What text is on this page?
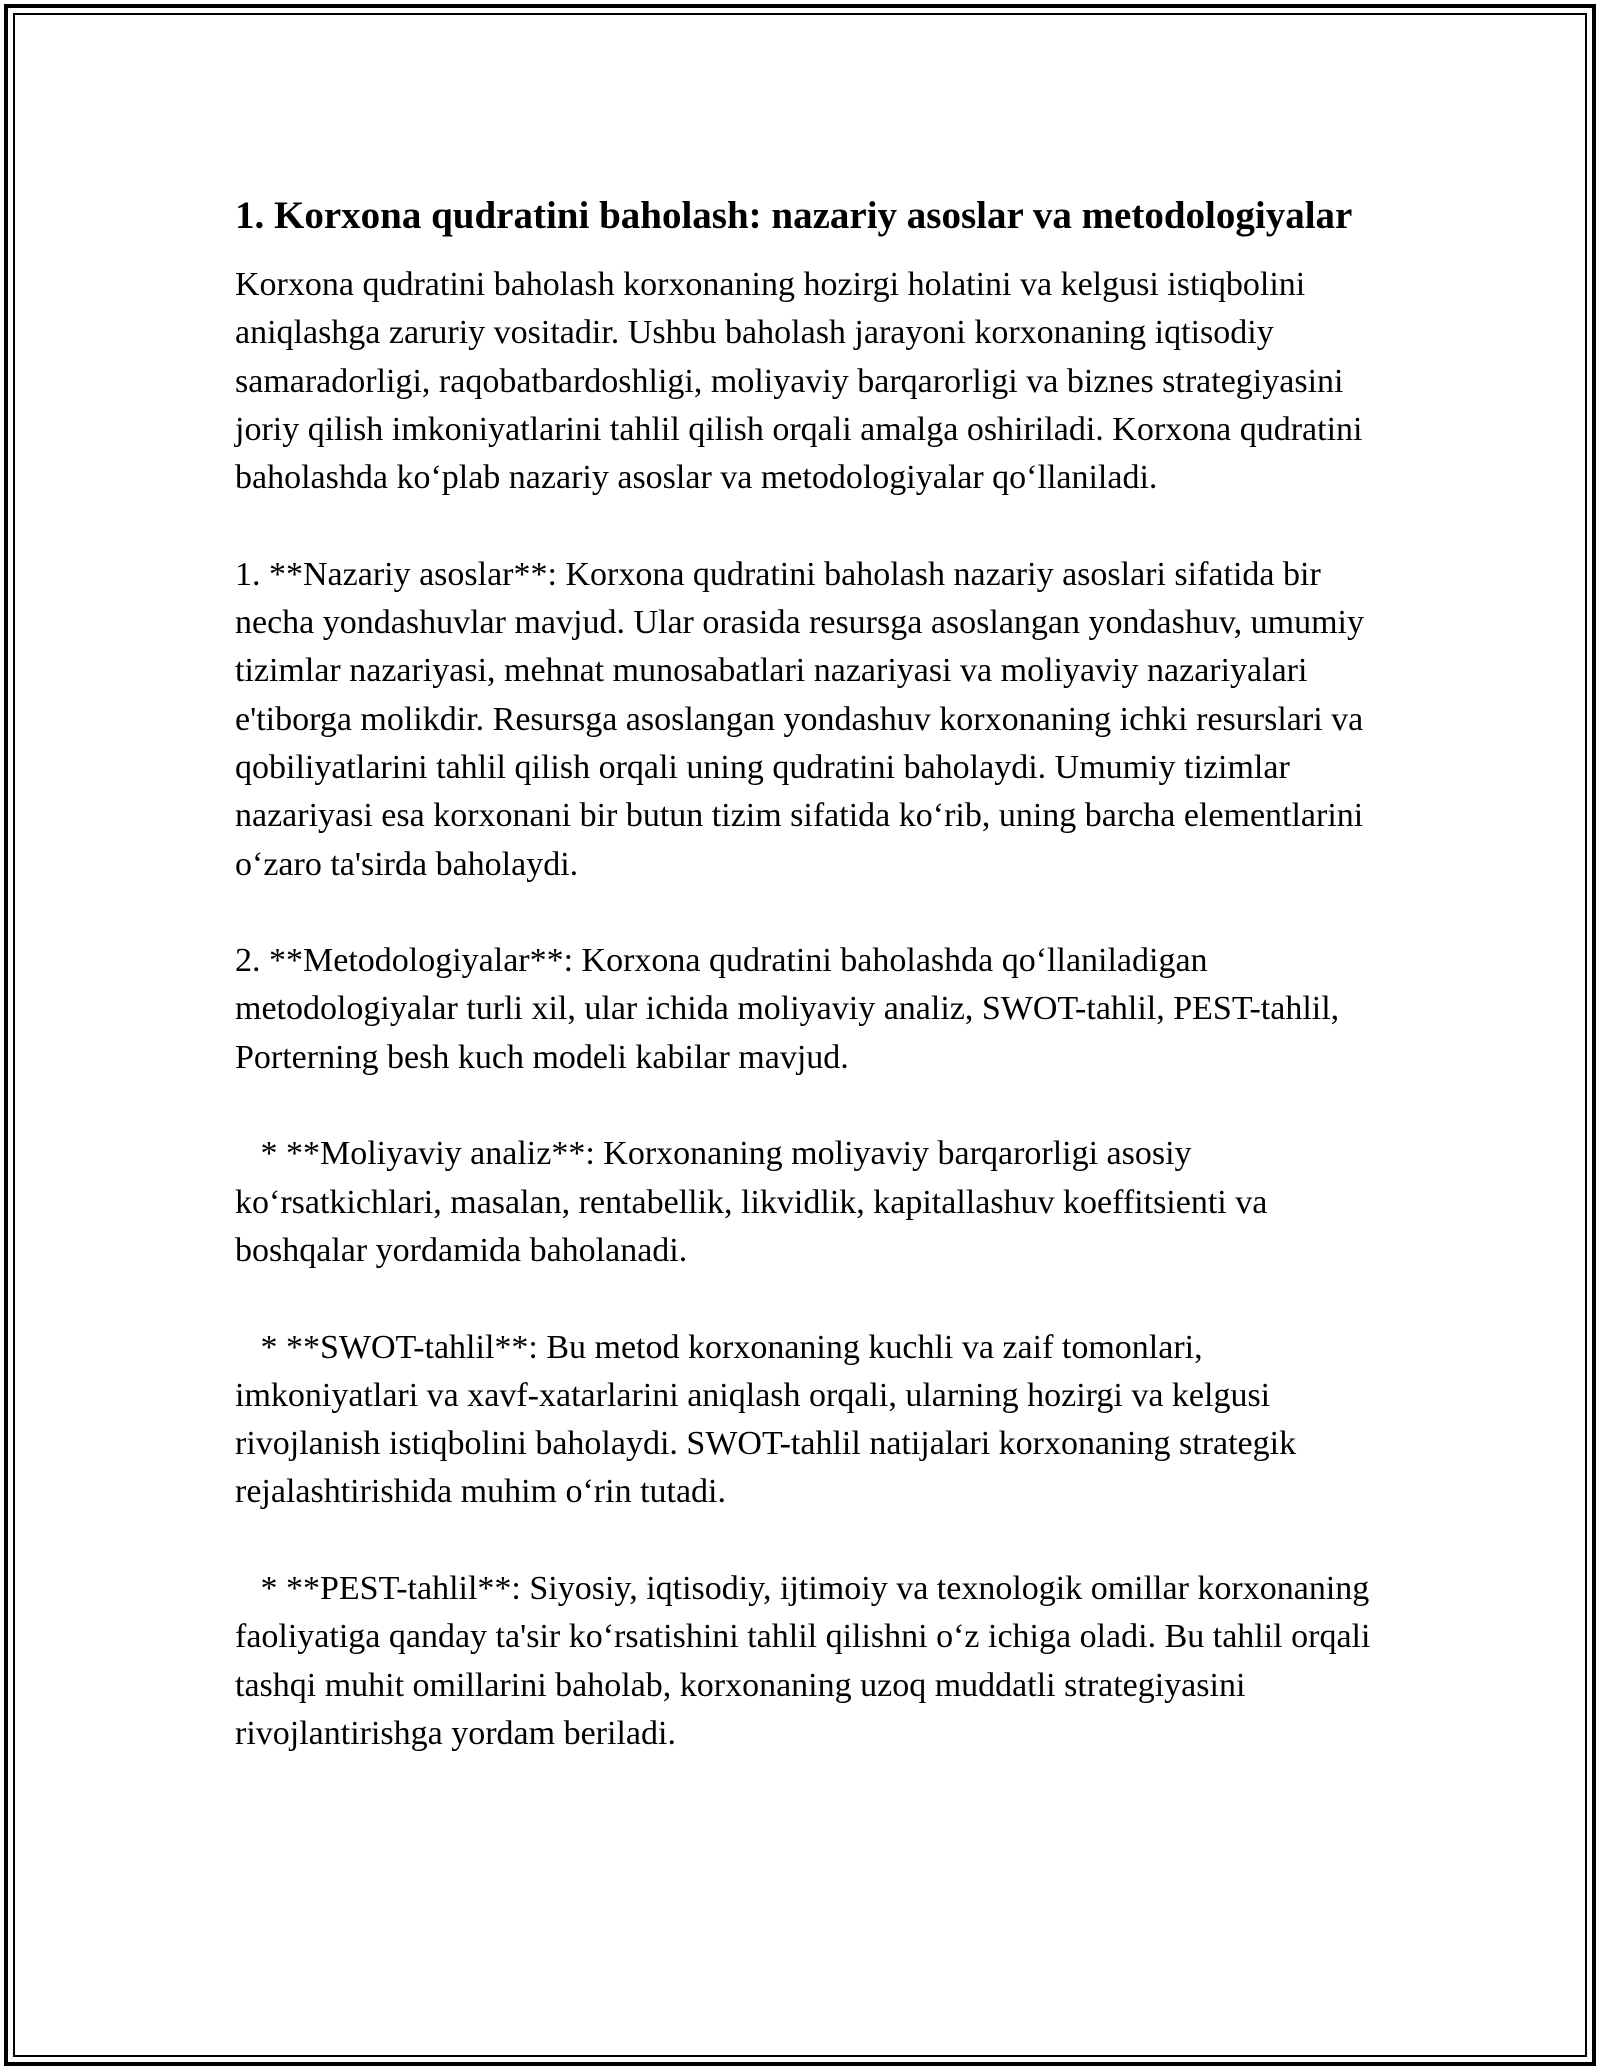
1. Korxona qudratini baholash: nazariy asoslar va metodologiyalar

Korxona qudratini baholash korxonaning hozirgi holatini va kelgusi istiqbolini aniqlashga zaruriy vositadir. Ushbu baholash jarayoni korxonaning iqtisodiy samaradorligi, raqobatbardoshligi, moliyaviy barqarorligi va biznes strategiyasini joriy qilish imkoniyatlarini tahlil qilish orqali amalga oshiriladi. Korxona qudratini baholashda koʻplab nazariy asoslar va metodologiyalar qoʻllaniladi.

1. **Nazariy asoslar**: Korxona qudratini baholash nazariy asoslari sifatida bir necha yondashuvlar mavjud. Ular orasida resursga asoslangan yondashuv, umumiy tizimlar nazariyasi, mehnat munosabatlari nazariyasi va moliyaviy nazariyalari e'tiborga molikdir. Resursga asoslangan yondashuv korxonaning ichki resurslari va qobiliyatlarini tahlil qilish orqali uning qudratini baholaydi. Umumiy tizimlar nazariyasi esa korxonani bir butun tizim sifatida koʻrib, uning barcha elementlarini oʻzaro ta'sirda baholaydi.

2. **Metodologiyalar**: Korxona qudratini baholashda qoʻllaniladigan metodologiyalar turli xil, ular ichida moliyaviy analiz, SWOT-tahlil, PEST-tahlil, Porterning besh kuch modeli kabilar mavjud.

* **Moliyaviy analiz**: Korxonaning moliyaviy barqarorligi asosiy koʻrsatkichlari, masalan, rentabellik, likvidlik, kapitallashuv koeffitsienti va boshqalar yordamida baholanadi.

* **SWOT-tahlil**: Bu metod korxonaning kuchli va zaif tomonlari, imkoniyatlari va xavf-xatarlarini aniqlash orqali, ularning hozirgi va kelgusi rivojlanish istiqbolini baholaydi. SWOT-tahlil natijalari korxonaning strategik rejalashtirishida muhim oʻrin tutadi.

* **PEST-tahlil**: Siyosiy, iqtisodiy, ijtimoiy va texnologik omillar korxonaning faoliyatiga qanday ta'sir koʻrsatishini tahlil qilishni oʻz ichiga oladi. Bu tahlil orqali tashqi muhit omillarini baholab, korxonaning uzoq muddatli strategiyasini rivojlantirishga yordam beriladi.
